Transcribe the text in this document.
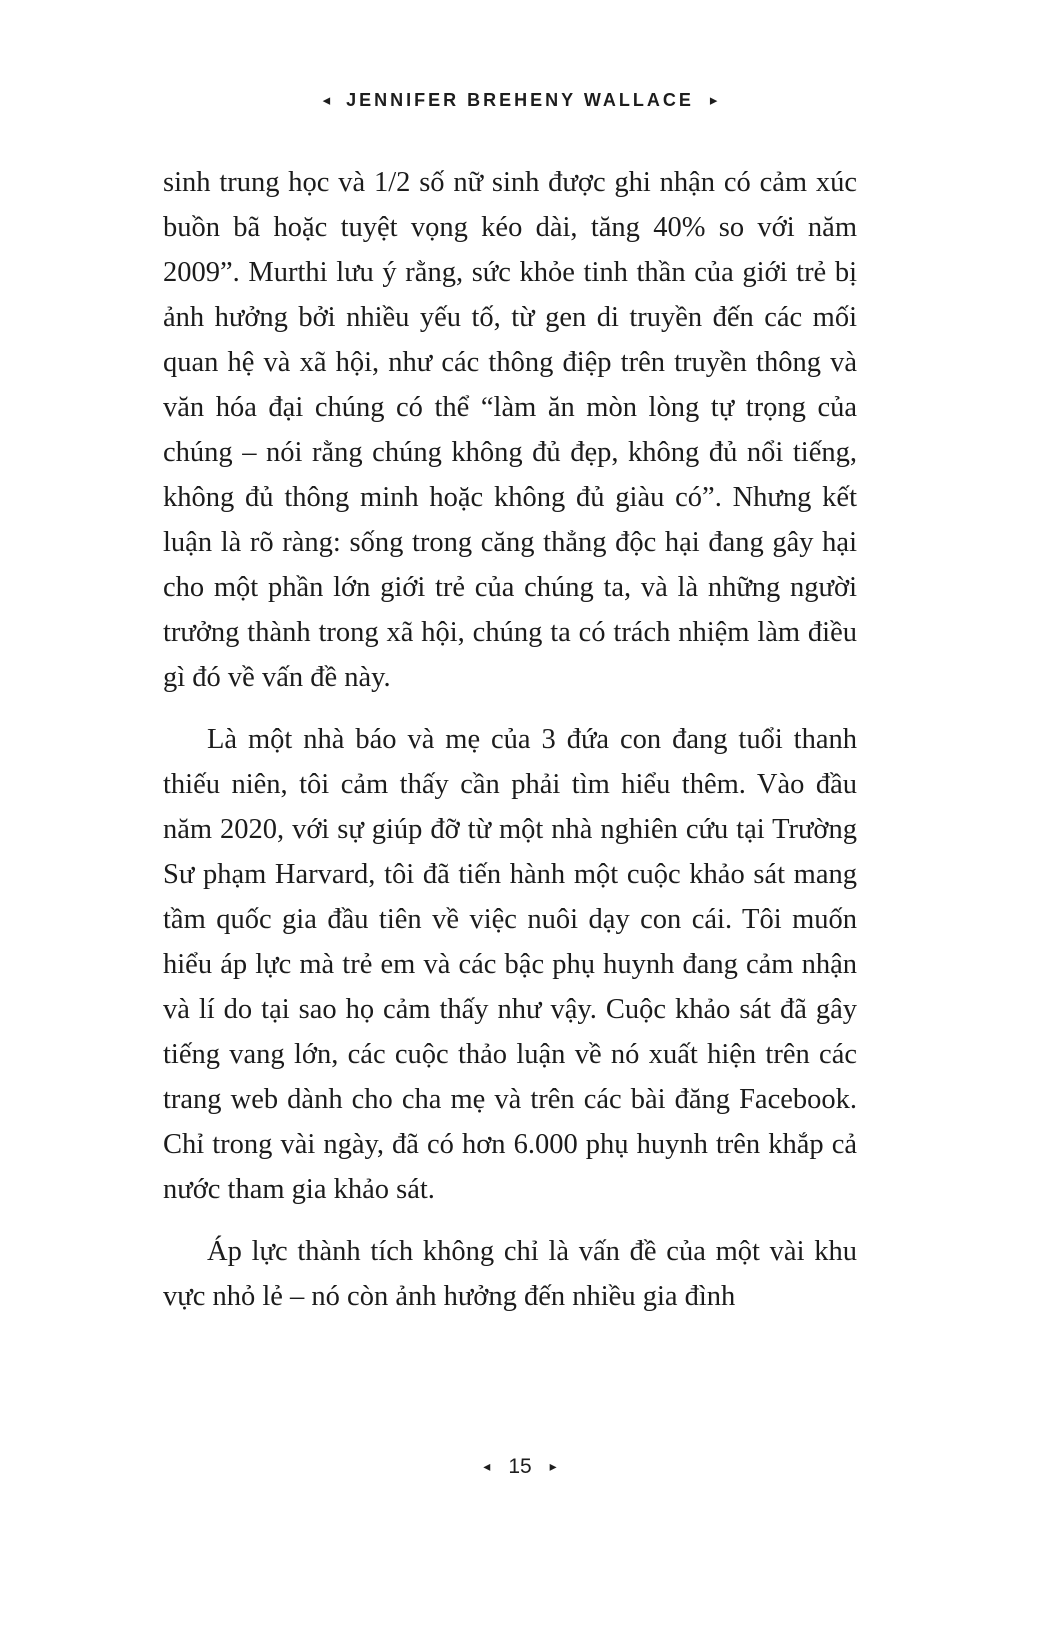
◂ JENNIFER BREHENY WALLACE ▸

sinh trung học và 1/2 số nữ sinh được ghi nhận có cảm xúc buồn bã hoặc tuyệt vọng kéo dài, tăng 40% so với năm 2009”. Murthi lưu ý rằng, sức khỏe tinh thần của giới trẻ bị ảnh hưởng bởi nhiều yếu tố, từ gen di truyền đến các mối quan hệ và xã hội, như các thông điệp trên truyền thông và văn hóa đại chúng có thể “làm ăn mòn lòng tự trọng của chúng – nói rằng chúng không đủ đẹp, không đủ nổi tiếng, không đủ thông minh hoặc không đủ giàu có”. Nhưng kết luận là rõ ràng: sống trong căng thẳng độc hại đang gây hại cho một phần lớn giới trẻ của chúng ta, và là những người trưởng thành trong xã hội, chúng ta có trách nhiệm làm điều gì đó về vấn đề này.

Là một nhà báo và mẹ của 3 đứa con đang tuổi thanh thiếu niên, tôi cảm thấy cần phải tìm hiểu thêm. Vào đầu năm 2020, với sự giúp đỡ từ một nhà nghiên cứu tại Trường Sư phạm Harvard, tôi đã tiến hành một cuộc khảo sát mang tầm quốc gia đầu tiên về việc nuôi dạy con cái. Tôi muốn hiểu áp lực mà trẻ em và các bậc phụ huynh đang cảm nhận và lí do tại sao họ cảm thấy như vậy. Cuộc khảo sát đã gây tiếng vang lớn, các cuộc thảo luận về nó xuất hiện trên các trang web dành cho cha mẹ và trên các bài đăng Facebook. Chỉ trong vài ngày, đã có hơn 6.000 phụ huynh trên khắp cả nước tham gia khảo sát.

Áp lực thành tích không chỉ là vấn đề của một vài khu vực nhỏ lẻ – nó còn ảnh hưởng đến nhiều gia đình

◂ 15 ▸
